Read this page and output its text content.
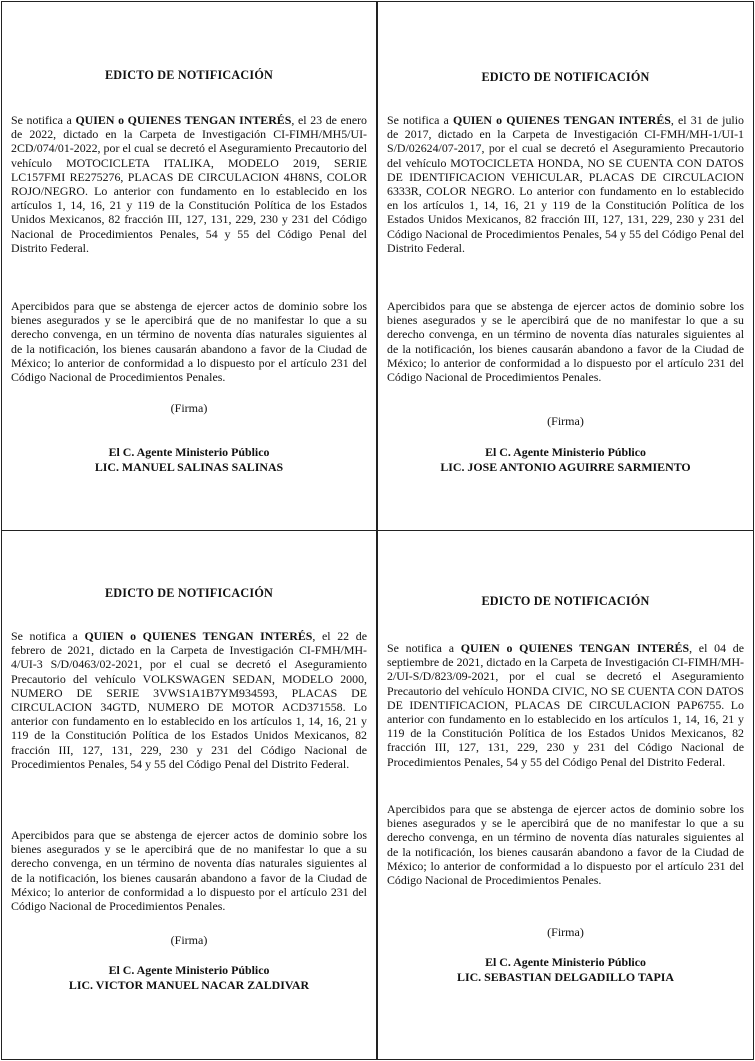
EDICTO DE NOTIFICACIÓN
Se notifica a QUIEN o QUIENES TENGAN INTERÉS, el 23 de enero de 2022, dictado en la Carpeta de Investigación CI-FIMH/MH5/UI-2CD/074/01-2022, por el cual se decretó el Aseguramiento Precautorio del vehículo MOTOCICLETA ITALIKA, MODELO 2019, SERIE LC157FMI RE275276, PLACAS DE CIRCULACION 4H8NS, COLOR ROJO/NEGRO. Lo anterior con fundamento en lo establecido en los artículos 1, 14, 16, 21 y 119 de la Constitución Política de los Estados Unidos Mexicanos, 82 fracción III, 127, 131, 229, 230 y 231 del Código Nacional de Procedimientos Penales, 54 y 55 del Código Penal del Distrito Federal.
Apercibidos para que se abstenga de ejercer actos de dominio sobre los bienes asegurados y se le apercibirá que de no manifestar lo que a su derecho convenga, en un término de noventa días naturales siguientes al de la notificación, los bienes causarán abandono a favor de la Ciudad de México; lo anterior de conformidad a lo dispuesto por el artículo 231 del Código Nacional de Procedimientos Penales.
(Firma)
El C. Agente Ministerio Público
LIC. MANUEL SALINAS SALINAS
EDICTO DE NOTIFICACIÓN
Se notifica a QUIEN o QUIENES TENGAN INTERÉS, el 31 de julio de 2017, dictado en la Carpeta de Investigación CI-FMH/MH-1/UI-1 S/D/02624/07-2017, por el cual se decretó el Aseguramiento Precautorio del vehículo MOTOCICLETA HONDA, NO SE CUENTA CON DATOS DE IDENTIFICACION VEHICULAR, PLACAS DE CIRCULACION 6333R, COLOR NEGRO. Lo anterior con fundamento en lo establecido en los artículos 1, 14, 16, 21 y 119 de la Constitución Política de los Estados Unidos Mexicanos, 82 fracción III, 127, 131, 229, 230 y 231 del Código Nacional de Procedimientos Penales, 54 y 55 del Código Penal del Distrito Federal.
Apercibidos para que se abstenga de ejercer actos de dominio sobre los bienes asegurados y se le apercibirá que de no manifestar lo que a su derecho convenga, en un término de noventa días naturales siguientes al de la notificación, los bienes causarán abandono a favor de la Ciudad de México; lo anterior de conformidad a lo dispuesto por el artículo 231 del Código Nacional de Procedimientos Penales.
(Firma)
El C. Agente Ministerio Público
LIC. JOSE ANTONIO AGUIRRE SARMIENTO
EDICTO DE NOTIFICACIÓN
Se notifica a QUIEN o QUIENES TENGAN INTERÉS, el 22 de febrero de 2021, dictado en la Carpeta de Investigación CI-FMH/MH-4/UI-3 S/D/0463/02-2021, por el cual se decretó el Aseguramiento Precautorio del vehículo VOLKSWAGEN SEDAN, MODELO 2000, NUMERO DE SERIE 3VWS1A1B7YM934593, PLACAS DE CIRCULACION 34GTD, NUMERO DE MOTOR ACD371558. Lo anterior con fundamento en lo establecido en los artículos 1, 14, 16, 21 y 119 de la Constitución Política de los Estados Unidos Mexicanos, 82 fracción III, 127, 131, 229, 230 y 231 del Código Nacional de Procedimientos Penales, 54 y 55 del Código Penal del Distrito Federal.
Apercibidos para que se abstenga de ejercer actos de dominio sobre los bienes asegurados y se le apercibirá que de no manifestar lo que a su derecho convenga, en un término de noventa días naturales siguientes al de la notificación, los bienes causarán abandono a favor de la Ciudad de México; lo anterior de conformidad a lo dispuesto por el artículo 231 del Código Nacional de Procedimientos Penales.
(Firma)
El C. Agente Ministerio Público
LIC. VICTOR MANUEL NACAR ZALDIVAR
EDICTO DE NOTIFICACIÓN
Se notifica a QUIEN o QUIENES TENGAN INTERÉS, el 04 de septiembre de 2021, dictado en la Carpeta de Investigación CI-FIMH/MH-2/UI-S/D/823/09-2021, por el cual se decretó el Aseguramiento Precautorio del vehículo HONDA CIVIC, NO SE CUENTA CON DATOS DE IDENTIFICACION, PLACAS DE CIRCULACION PAP6755. Lo anterior con fundamento en lo establecido en los artículos 1, 14, 16, 21 y 119 de la Constitución Política de los Estados Unidos Mexicanos, 82 fracción III, 127, 131, 229, 230 y 231 del Código Nacional de Procedimientos Penales, 54 y 55 del Código Penal del Distrito Federal.
Apercibidos para que se abstenga de ejercer actos de dominio sobre los bienes asegurados y se le apercibirá que de no manifestar lo que a su derecho convenga, en un término de noventa días naturales siguientes al de la notificación, los bienes causarán abandono a favor de la Ciudad de México; lo anterior de conformidad a lo dispuesto por el artículo 231 del Código Nacional de Procedimientos Penales.
(Firma)
El C. Agente Ministerio Público
LIC. SEBASTIAN DELGADILLO TAPIA
